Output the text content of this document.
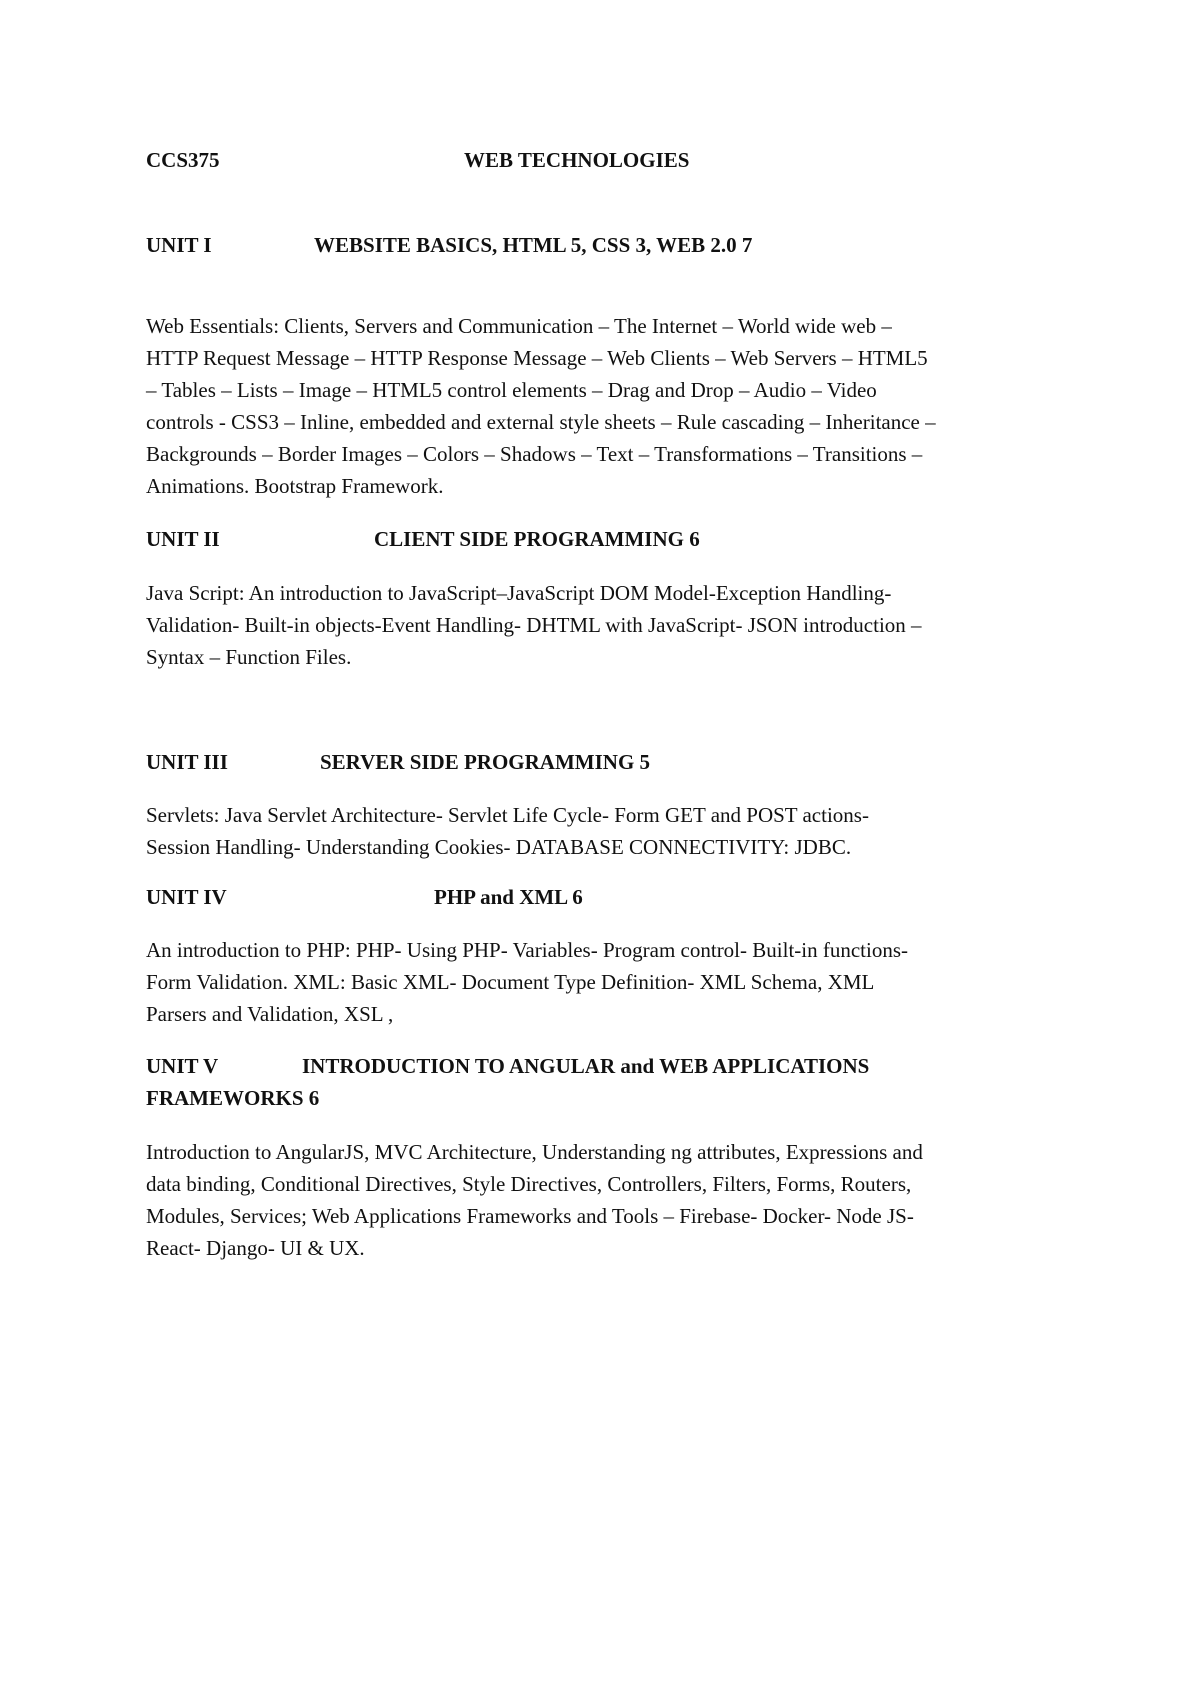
CCS375	WEB TECHNOLOGIES
UNIT I	WEBSITE BASICS, HTML 5, CSS 3, WEB 2.0 7
Web Essentials: Clients, Servers and Communication – The Internet – World wide web –
HTTP Request Message – HTTP Response Message – Web Clients – Web Servers – HTML5
– Tables – Lists – Image – HTML5 control elements – Drag and Drop – Audio – Video
controls - CSS3 – Inline, embedded and external style sheets – Rule cascading – Inheritance –
Backgrounds – Border Images – Colors – Shadows – Text – Transformations – Transitions –
Animations. Bootstrap Framework.
UNIT II	CLIENT SIDE PROGRAMMING 6
Java Script: An introduction to JavaScript–JavaScript DOM Model-Exception Handling-
Validation- Built-in objects-Event Handling- DHTML with JavaScript- JSON introduction –
Syntax – Function Files.
UNIT III	SERVER SIDE PROGRAMMING 5
Servlets: Java Servlet Architecture- Servlet Life Cycle- Form GET and POST actions-
Session Handling- Understanding Cookies- DATABASE CONNECTIVITY: JDBC.
UNIT IV	PHP and XML 6
An introduction to PHP: PHP- Using PHP- Variables- Program control- Built-in functions-
Form Validation. XML: Basic XML- Document Type Definition- XML Schema, XML
Parsers and Validation, XSL ,
UNIT V	INTRODUCTION TO ANGULAR and WEB APPLICATIONS
FRAMEWORKS 6
Introduction to AngularJS, MVC Architecture, Understanding ng attributes, Expressions and
data binding, Conditional Directives, Style Directives, Controllers, Filters, Forms, Routers,
Modules, Services; Web Applications Frameworks and Tools – Firebase- Docker- Node JS-
React- Django- UI & UX.
